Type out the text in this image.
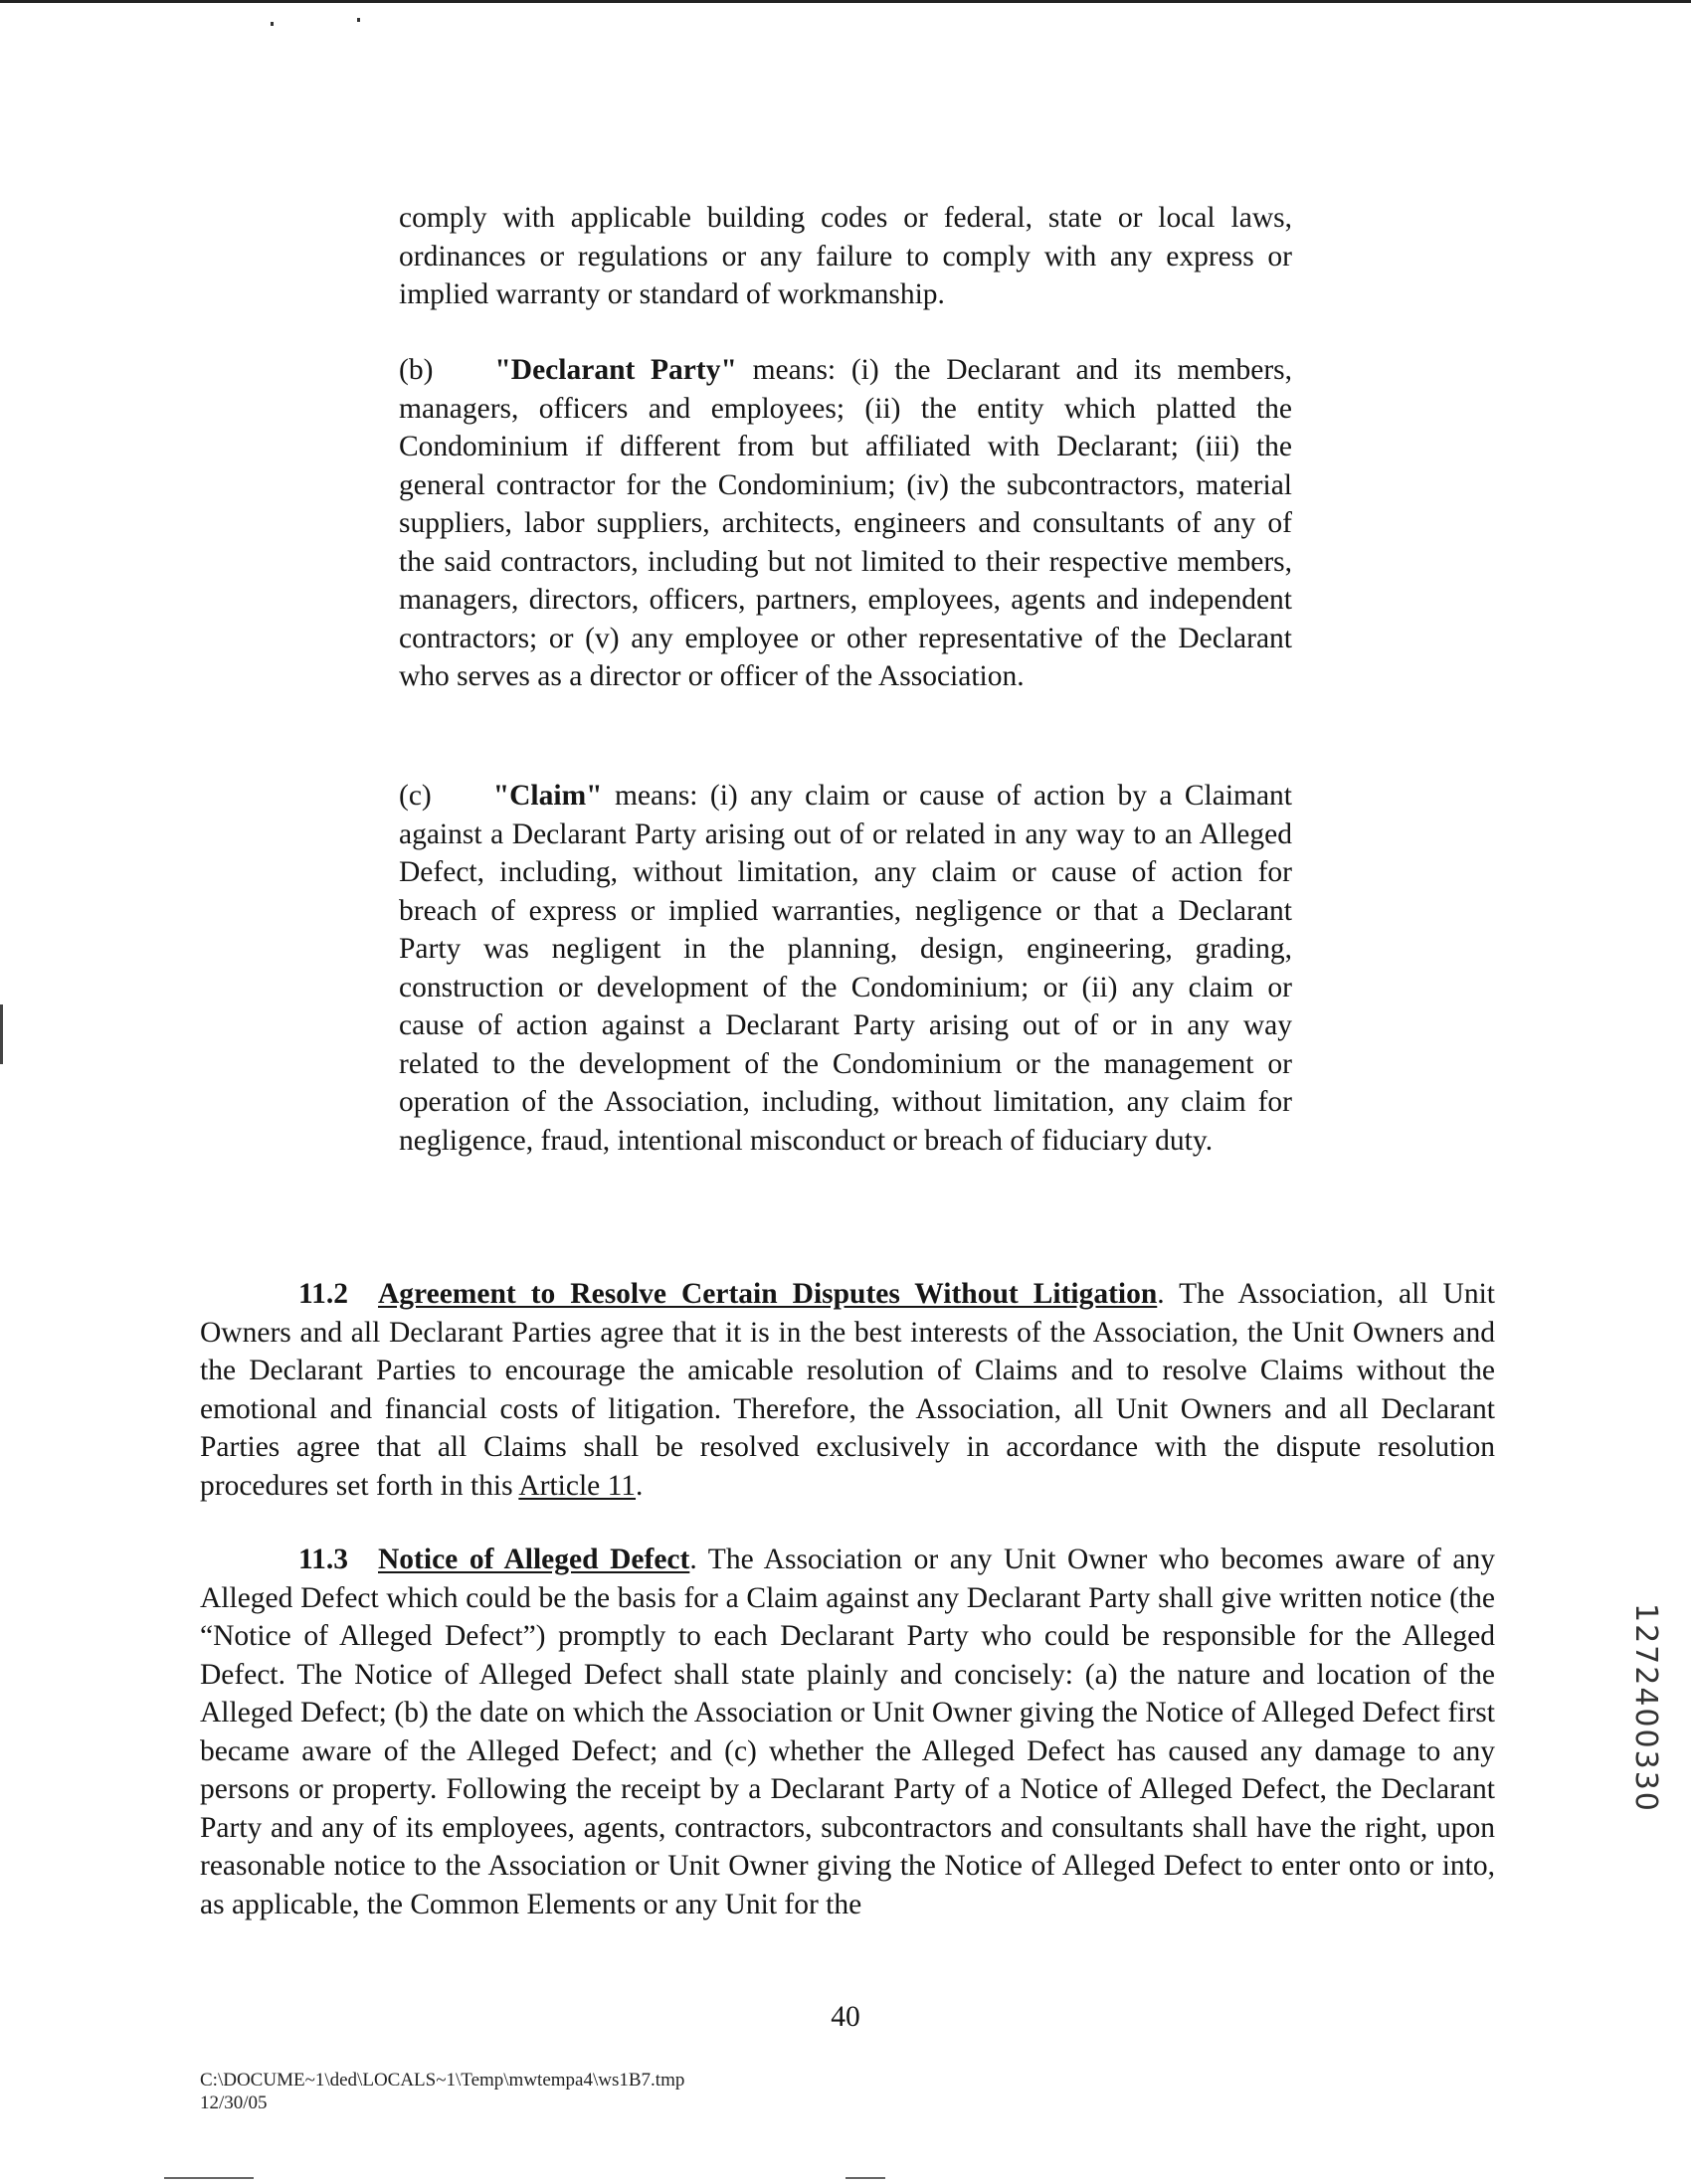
comply with applicable building codes or federal, state or local laws, ordinances or regulations or any failure to comply with any express or implied warranty or standard of workmanship.

(b) "Declarant Party" means: (i) the Declarant and its members, managers, officers and employees; (ii) the entity which platted the Condominium if different from but affiliated with Declarant; (iii) the general contractor for the Condominium; (iv) the subcontractors, material suppliers, labor suppliers, architects, engineers and consultants of any of the said contractors, including but not limited to their respective members, managers, directors, officers, partners, employees, agents and independent contractors; or (v) any employee or other representative of the Declarant who serves as a director or officer of the Association.

(c) "Claim" means: (i) any claim or cause of action by a Claimant against a Declarant Party arising out of or related in any way to an Alleged Defect, including, without limitation, any claim or cause of action for breach of express or implied warranties, negligence or that a Declarant Party was negligent in the planning, design, engineering, grading, construction or development of the Condominium; or (ii) any claim or cause of action against a Declarant Party arising out of or in any way related to the development of the Condominium or the management or operation of the Association, including, without limitation, any claim for negligence, fraud, intentional misconduct or breach of fiduciary duty.

11.2 Agreement to Resolve Certain Disputes Without Litigation. The Association, all Unit Owners and all Declarant Parties agree that it is in the best interests of the Association, the Unit Owners and the Declarant Parties to encourage the amicable resolution of Claims and to resolve Claims without the emotional and financial costs of litigation. Therefore, the Association, all Unit Owners and all Declarant Parties agree that all Claims shall be resolved exclusively in accordance with the dispute resolution procedures set forth in this Article 11.

11.3 Notice of Alleged Defect. The Association or any Unit Owner who becomes aware of any Alleged Defect which could be the basis for a Claim against any Declarant Party shall give written notice (the “Notice of Alleged Defect”) promptly to each Declarant Party who could be responsible for the Alleged Defect. The Notice of Alleged Defect shall state plainly and concisely: (a) the nature and location of the Alleged Defect; (b) the date on which the Association or Unit Owner giving the Notice of Alleged Defect first became aware of the Alleged Defect; and (c) whether the Alleged Defect has caused any damage to any persons or property. Following the receipt by a Declarant Party of a Notice of Alleged Defect, the Declarant Party and any of its employees, agents, contractors, subcontractors and consultants shall have the right, upon reasonable notice to the Association or Unit Owner giving the Notice of Alleged Defect to enter onto or into, as applicable, the Common Elements or any Unit for the

40
C:\DOCUME~1\ded\LOCALS~1\Temp\mwtempa4\ws1B7.tmp
12/30/05
1272400330
